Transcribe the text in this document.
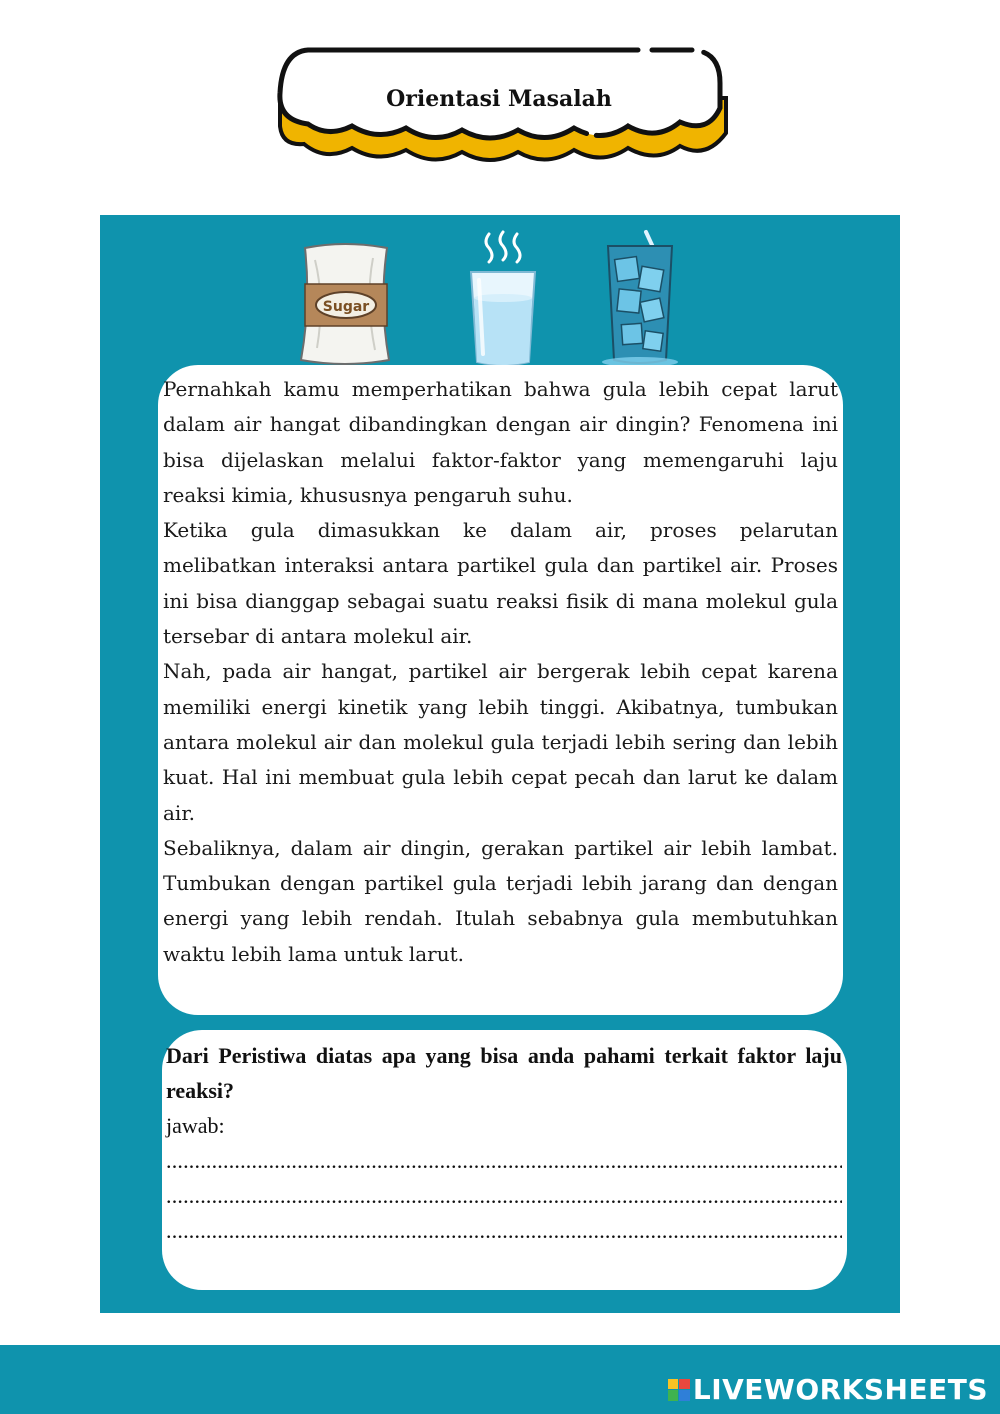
Orientasi Masalah
Sugar

Pernahkah kamu memperhatikan bahwa gula lebih cepat larut dalam air hangat dibandingkan dengan air dingin? Fenomena ini bisa dijelaskan melalui faktor-faktor yang memengaruhi laju reaksi kimia, khususnya pengaruh suhu.

Ketika gula dimasukkan ke dalam air, proses pelarutan melibatkan interaksi antara partikel gula dan partikel air. Proses ini bisa dianggap sebagai suatu reaksi fisik di mana molekul gula tersebar di antara molekul air.

Nah, pada air hangat, partikel air bergerak lebih cepat karena memiliki energi kinetik yang lebih tinggi. Akibatnya, tumbukan antara molekul air dan molekul gula terjadi lebih sering dan lebih kuat. Hal ini membuat gula lebih cepat pecah dan larut ke dalam air.

Sebaliknya, dalam air dingin, gerakan partikel air lebih lambat. Tumbukan dengan partikel gula terjadi lebih jarang dan dengan energi yang lebih rendah. Itulah sebabnya gula membutuhkan waktu lebih lama untuk larut.

Dari Peristiwa diatas apa yang bisa anda pahami terkait faktor laju reaksi?

jawab:

.....
.....
.....
LIVEWORKSHEETS
